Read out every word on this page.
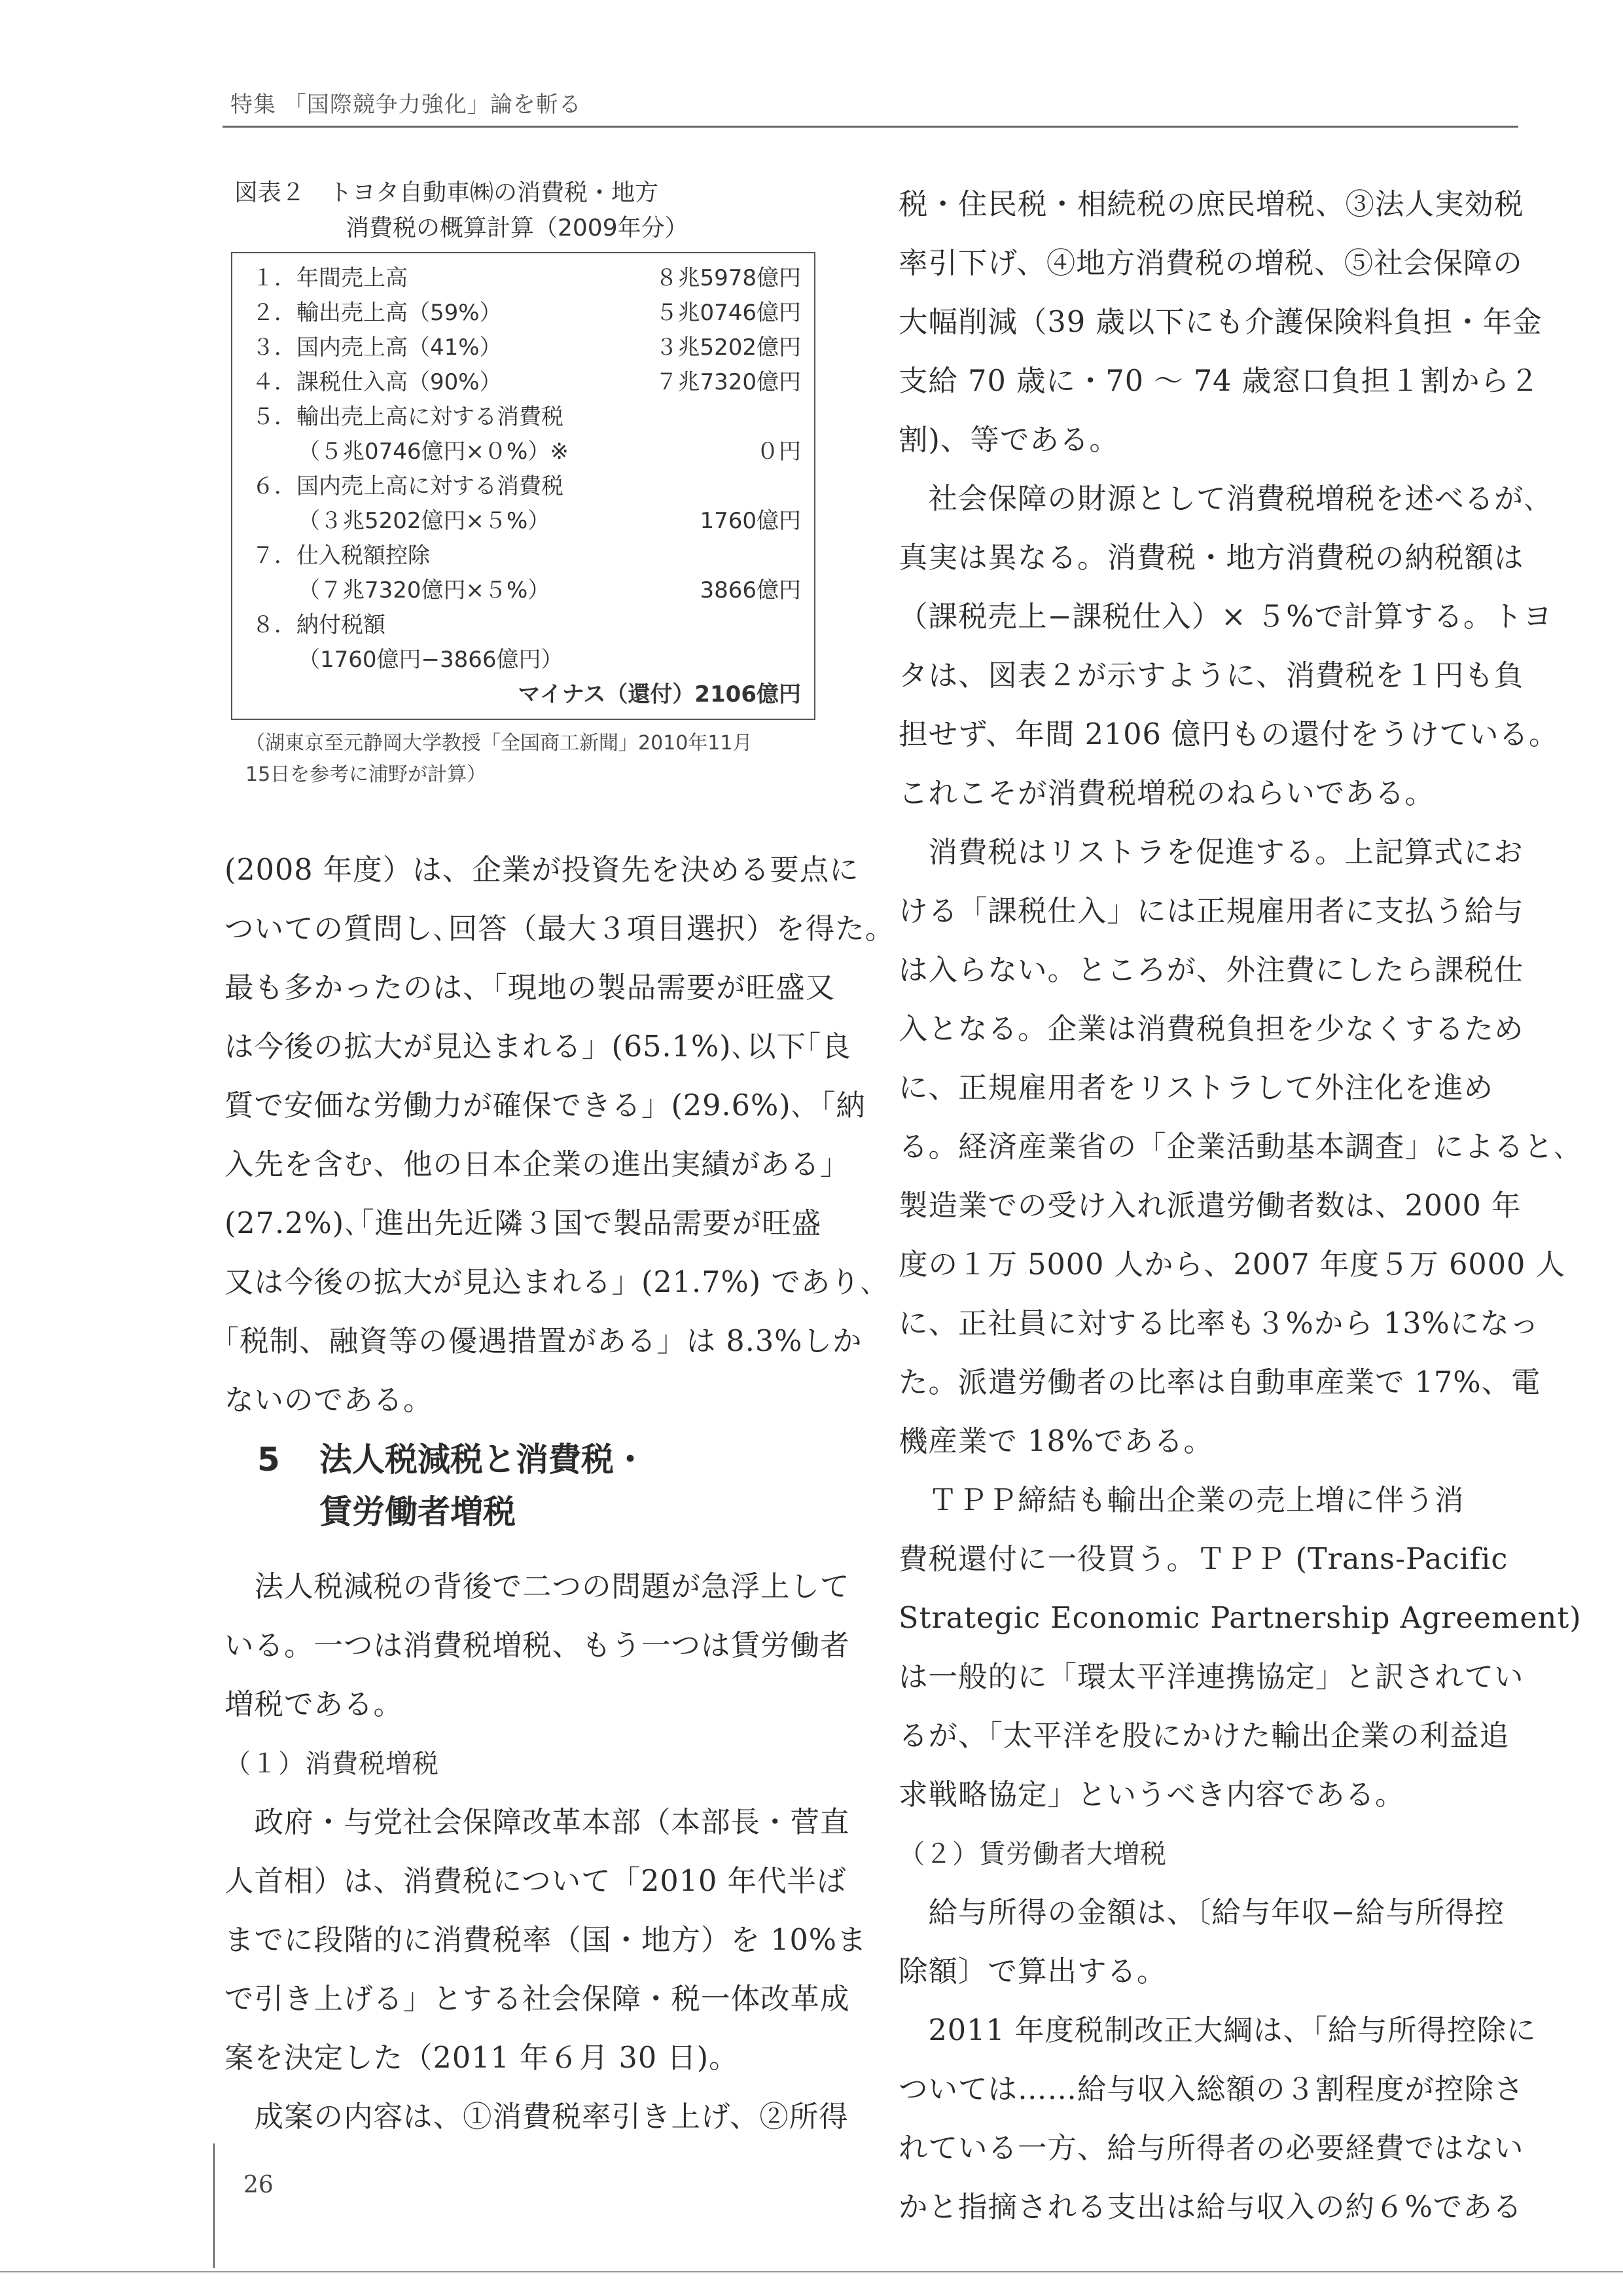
特集 「国際競争力強化」論を斬る
図表２　トヨタ自動車㈱の消費税・地方
消費税の概算計算（2009年分）
１．年間売上高	８兆5978億円
２．輸出売上高（59%）	５兆0746億円
３．国内売上高（41%）	３兆5202億円
４．課税仕入高（90%）	７兆7320億円
５．輸出売上高に対する消費税
（５兆0746億円×０%）※	０円
６．国内売上高に対する消費税
（３兆5202億円×５%）	1760億円
７．仕入税額控除
（７兆7320億円×５%）	3866億円
８．納付税額
（1760億円−3866億円）
マイナス（還付）2106億円
（湖東京至元静岡大学教授「全国商工新聞」2010年11月
15日を参考に浦野が計算）
(2008 年度）は、企業が投資先を決める要点に
ついての質問し､回答（最大３項目選択）を得た｡
最も多かったのは、｢現地の製品需要が旺盛又
は今後の拡大が見込まれる」(65.1%)､以下｢良
質で安価な労働力が確保できる」(29.6%)､「納
入先を含む、他の日本企業の進出実績がある」
(27.2%)､｢進出先近隣３国で製品需要が旺盛
又は今後の拡大が見込まれる」(21.7%) であり､
｢税制、融資等の優遇措置がある」は 8.3%しか
ないのである。
5 法人税減税と消費税・
賃労働者増税
　法人税減税の背後で二つの問題が急浮上して
いる。一つは消費税増税、もう一つは賃労働者
増税である。
（１）消費税増税
　政府・与党社会保障改革本部（本部長・菅直
人首相）は、消費税について「2010 年代半ば
までに段階的に消費税率（国・地方）を 10%ま
で引き上げる」とする社会保障・税一体改革成
案を決定した（2011 年６月 30 日)。
　成案の内容は、①消費税率引き上げ、②所得
税・住民税・相続税の庶民増税、③法人実効税
率引下げ、④地方消費税の増税、⑤社会保障の
大幅削減（39 歳以下にも介護保険料負担・年金
支給 70 歳に・70 〜 74 歳窓口負担１割から２
割)、等である。
　社会保障の財源として消費税増税を述べるが､
真実は異なる。消費税・地方消費税の納税額は
（課税売上−課税仕入）× ５%で計算する。トヨ
タは、図表２が示すように、消費税を１円も負
担せず、年間 2106 億円もの還付をうけている。
これこそが消費税増税のねらいである。
　消費税はリストラを促進する。上記算式にお
ける「課税仕入」には正規雇用者に支払う給与
は入らない。ところが、外注費にしたら課税仕
入となる。企業は消費税負担を少なくするため
に、正規雇用者をリストラして外注化を進め
る。経済産業省の「企業活動基本調査」によると､
製造業での受け入れ派遣労働者数は、2000 年
度の１万 5000 人から、2007 年度５万 6000 人
に、正社員に対する比率も３%から 13%になっ
た。派遣労働者の比率は自動車産業で 17%、電
機産業で 18%である。
　ＴＰＰ締結も輸出企業の売上増に伴う消
費税還付に一役買う。ＴＰＰ (Trans-Pacific
Strategic Economic Partnership Agreement)
は一般的に「環太平洋連携協定」と訳されてい
るが、｢太平洋を股にかけた輸出企業の利益追
求戦略協定」というべき内容である。
（２）賃労働者大増税
　給与所得の金額は、〔給与年収−給与所得控
除額〕で算出する。
　2011 年度税制改正大綱は、｢給与所得控除に
ついては……給与収入総額の３割程度が控除さ
れている一方、給与所得者の必要経費ではない
かと指摘される支出は給与収入の約６%である
26
